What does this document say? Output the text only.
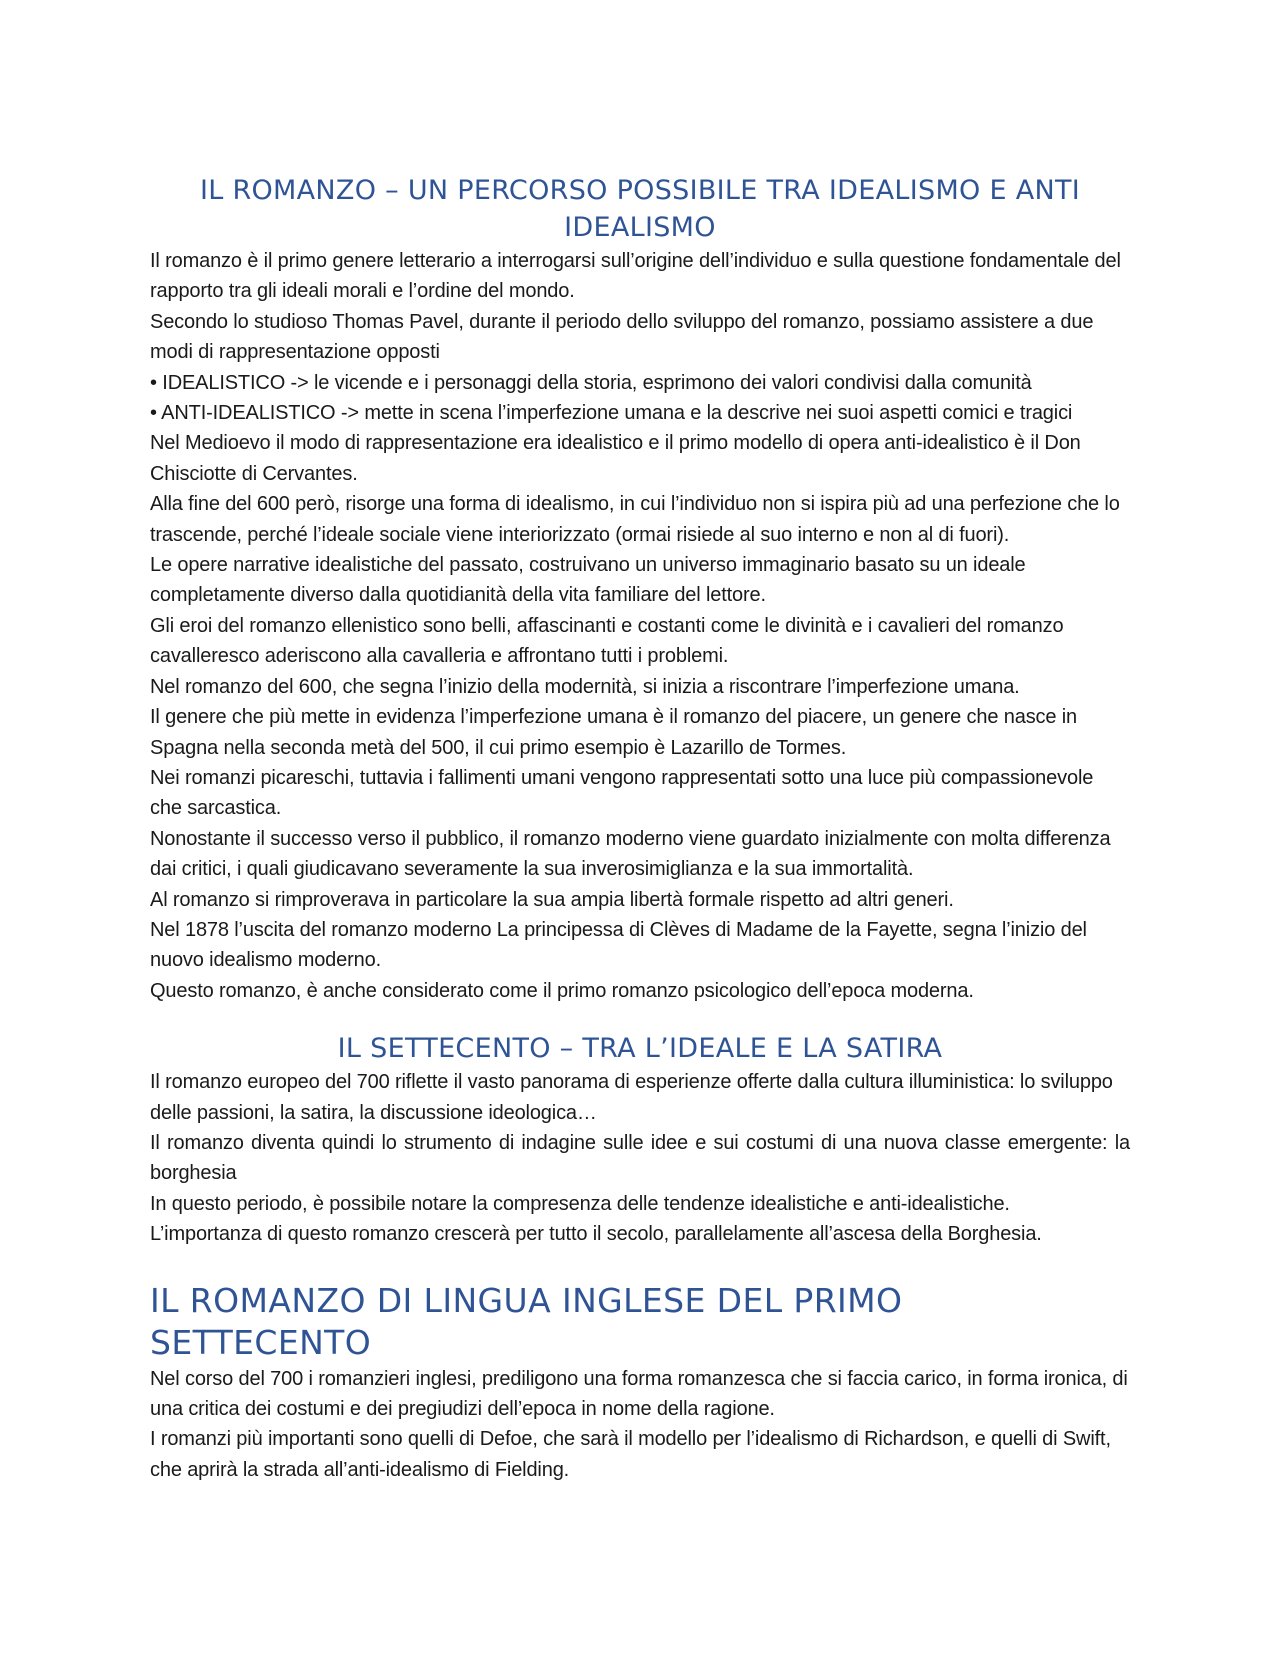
IL ROMANZO – UN PERCORSO POSSIBILE TRA IDEALISMO E ANTI IDEALISMO

Il romanzo è il primo genere letterario a interrogarsi sull’origine dell’individuo e sulla questione fondamentale del rapporto tra gli ideali morali e l’ordine del mondo.

Secondo lo studioso Thomas Pavel, durante il periodo dello sviluppo del romanzo, possiamo assistere a due modi di rappresentazione opposti

• IDEALISTICO -> le vicende e i personaggi della storia, esprimono dei valori condivisi dalla comunità

• ANTI-IDEALISTICO -> mette in scena l’imperfezione umana e la descrive nei suoi aspetti comici e tragici

Nel Medioevo il modo di rappresentazione era idealistico e il primo modello di opera anti-idealistico è il Don Chisciotte di Cervantes.

Alla fine del 600 però, risorge una forma di idealismo, in cui l’individuo non si ispira più ad una perfezione che lo trascende, perché l’ideale sociale viene interiorizzato (ormai risiede al suo interno e non al di fuori).

Le opere narrative idealistiche del passato, costruivano un universo immaginario basato su un ideale completamente diverso dalla quotidianità della vita familiare del lettore.

Gli eroi del romanzo ellenistico sono belli, affascinanti e costanti come le divinità e i cavalieri del romanzo cavalleresco aderiscono alla cavalleria e affrontano tutti i problemi.

Nel romanzo del 600, che segna l’inizio della modernità, si inizia a riscontrare l’imperfezione umana.

Il genere che più mette in evidenza l’imperfezione umana è il romanzo del piacere, un genere che nasce in Spagna nella seconda metà del 500, il cui primo esempio è Lazarillo de Tormes.

Nei romanzi picareschi, tuttavia i fallimenti umani vengono rappresentati sotto una luce più compassionevole che sarcastica.

Nonostante il successo verso il pubblico, il romanzo moderno viene guardato inizialmente con molta differenza dai critici, i quali giudicavano severamente la sua inverosimiglianza e la sua immortalità.

Al romanzo si rimproverava in particolare la sua ampia libertà formale rispetto ad altri generi.

Nel 1878 l’uscita del romanzo moderno La principessa di Clèves di Madame de la Fayette, segna l’inizio del nuovo idealismo moderno.

Questo romanzo, è anche considerato come il primo romanzo psicologico dell’epoca moderna.

IL SETTECENTO – TRA L’IDEALE E LA SATIRA

Il romanzo europeo del 700 riflette il vasto panorama di esperienze offerte dalla cultura illuministica: lo sviluppo delle passioni, la satira, la discussione ideologica…

Il romanzo diventa quindi lo strumento di indagine sulle idee e sui costumi di una nuova classe emergente: la borghesia

In questo periodo, è possibile notare la compresenza delle tendenze idealistiche e anti-idealistiche.

L’importanza di questo romanzo crescerà per tutto il secolo, parallelamente all’ascesa della Borghesia.

IL ROMANZO DI LINGUA INGLESE DEL PRIMO SETTECENTO

Nel corso del 700 i romanzieri inglesi, prediligono una forma romanzesca che si faccia carico, in forma ironica, di una critica dei costumi e dei pregiudizi dell’epoca in nome della ragione.

I romanzi più importanti sono quelli di Defoe, che sarà il modello per l’idealismo di Richardson, e quelli di Swift, che aprirà la strada all’anti-idealismo di Fielding.
